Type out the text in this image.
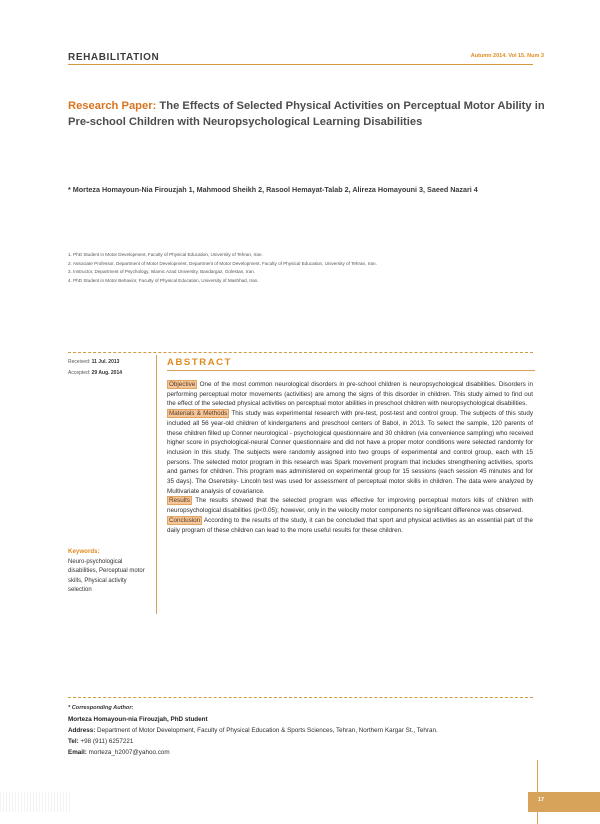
REHABILITATION	Autumn 2014. Vol 15. Num 3
Research Paper: The Effects of Selected Physical Activities on Perceptual Motor Ability in Pre-school Children with Neuropsychological Learning Disabilities
* Morteza Homayoun-Nia Firouzjah 1, Mahmood Sheikh 2, Rasool Hemayat-Talab 2, Alireza Homayouni 3, Saeed Nazari 4
1. PhD Student in Motor Development, Faculty of Physical Education, University of Tehran, Iran.
2. Associate Professor, Department of Motor Development, Department of Motor Development, Faculty of Physical Education, University of Tehran, Iran.
3. Instructor, Department of Psychology, Islamic Azad University, Bandargaz, Golestan, Iran.
4. PhD Student in Motor Behavior, Faculty of Physical Education, University of Mashhad, Iran.
Received: 11 Jul. 2013
Accepted: 29 Aug. 2014
Keywords:
Neuro-psychological disabilities, Perceptual motor skills, Physical activity selection
ABSTRACT

Objective One of the most common neurological disorders in pre-school children is neuropsychological disabilities. Disorders in performing perceptual motor movements (activities) are among the signs of this disorder in children. This study aimed to find out the effect of the selected physical activities on perceptual motor abilities in preschool children with neuropsychological disabilities.

Materials & Methods This study was experimental research with pre-test, post-test and control group. The subjects of this study included all 56 year-old children of kindergartens and preschool centers of Babol, in 2013. To select the sample, 120 parents of these children filled up Conner neurological - psychological questionnaire and 30 children (via convenience sampling) who received higher score in psychological-neural Conner questionnaire and did not have a proper motor conditions were selected randomly for inclusion in this study. The subjects were randomly assigned into two groups of experimental and control group, each with 15 persons. The selected motor program in this research was Spark movement program that includes strengthening activities, sports and games for children. This program was administered on experimental group for 15 sessions (each session 45 minutes and for 35 days). The Oseretsky- Lincoln test was used for assessment of perceptual motor skills in children. The data were analyzed by Multivariate analysis of covariance.

Results The results showed that the selected program was effective for improving perceptual motors kills of children with neuropsychological disabilities (p<0.05); however, only in the velocity motor components no significant difference was observed.

Conclusion According to the results of the study, it can be concluded that sport and physical activities as an essential part of the daily program of these children can lead to the more useful results for these children.

* Corresponding Author:
Morteza Homayoun-nia Firouzjah, PhD student
Address: Department of Motor Development, Faculty of Physical Education & Sports Sciences, Tehran, Northern Kargar St., Tehran.
Tel: +98 (911) 6257221
Email: morteza_h2007@yahoo.com
17
